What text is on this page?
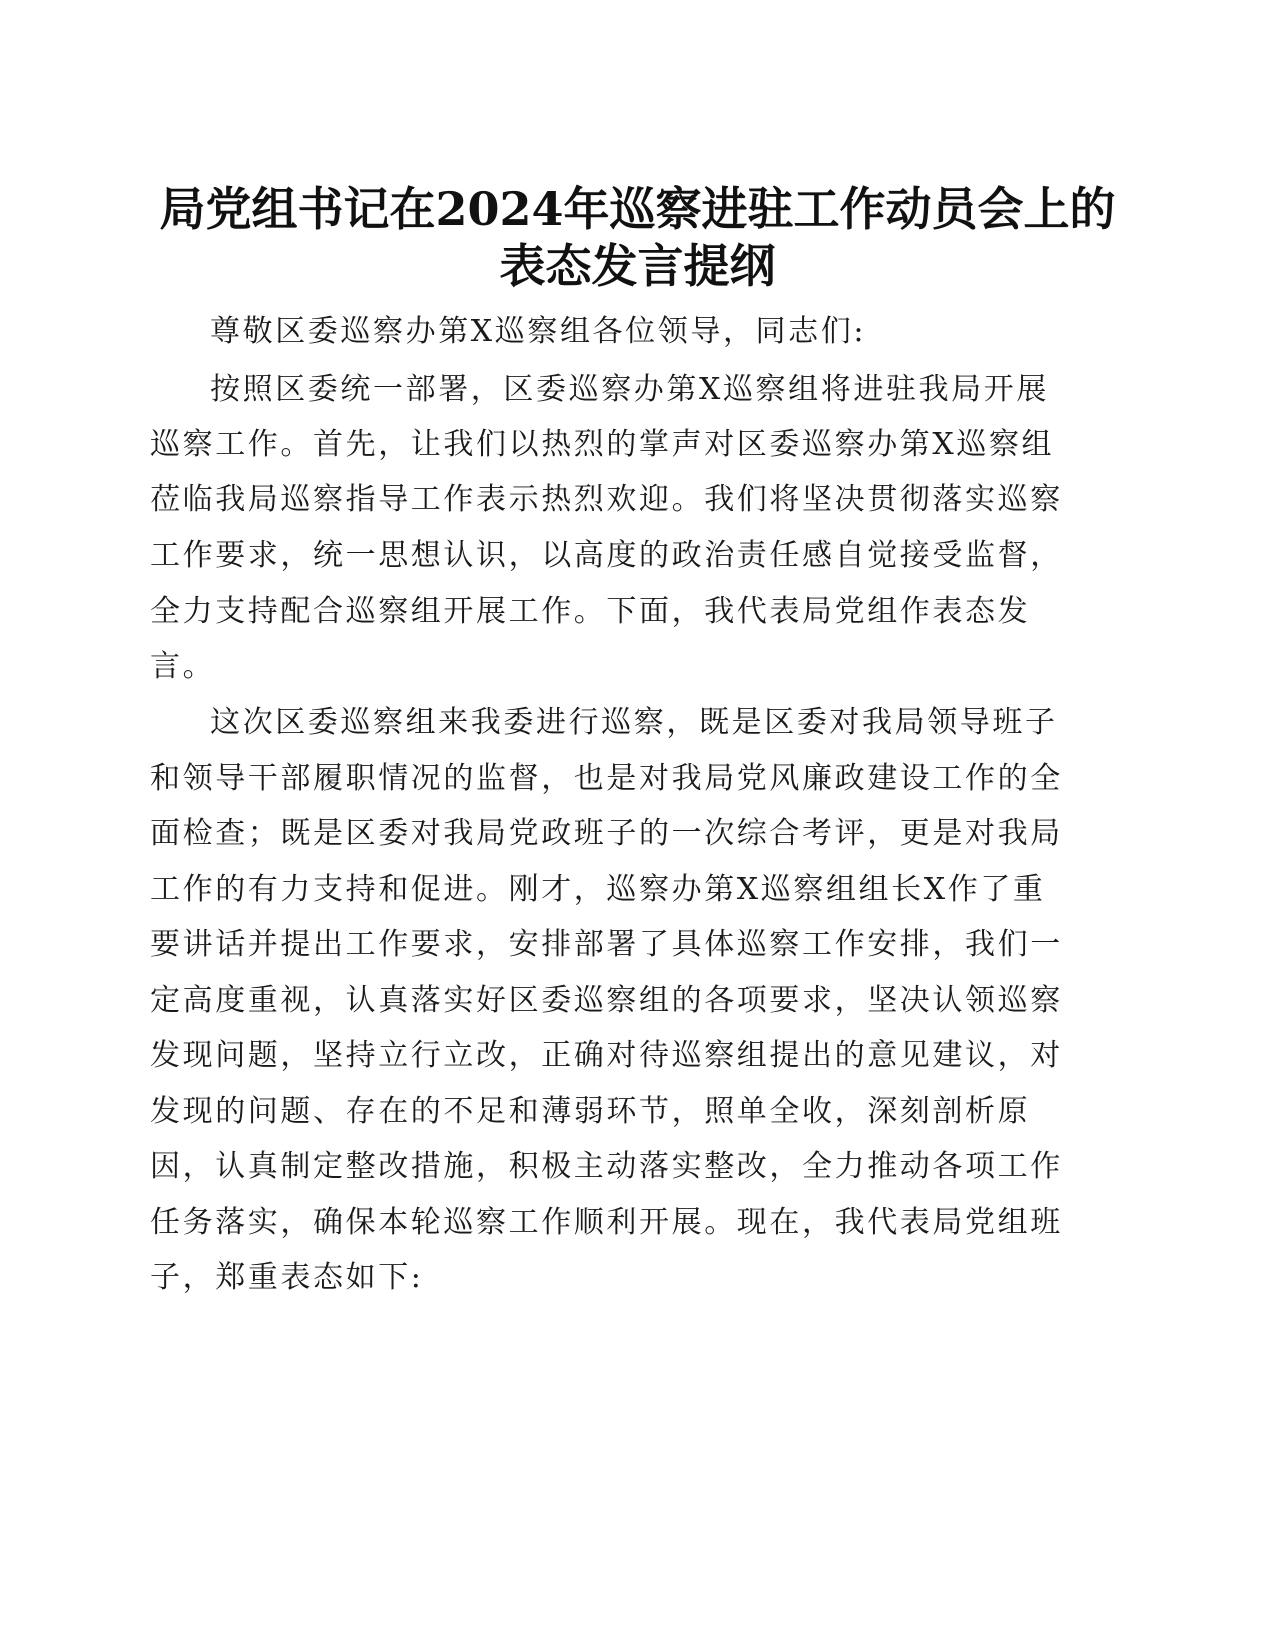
局党组书记在2024年巡察进驻工作动员会上的
表态发言提纲

尊敬区委巡察办第X巡察组各位领导，同志们:

按照区委统一部署，区委巡察办第X巡察组将进驻我局开展

巡察工作。首先，让我们以热烈的掌声对区委巡察办第X巡察组

莅临我局巡察指导工作表示热烈欢迎。我们将坚决贯彻落实巡察

工作要求，统一思想认识，以高度的政治责任感自觉接受监督，

全力支持配合巡察组开展工作。下面，我代表局党组作表态发

言。

这次区委巡察组来我委进行巡察，既是区委对我局领导班子

和领导干部履职情况的监督，也是对我局党风廉政建设工作的全

面检查；既是区委对我局党政班子的一次综合考评，更是对我局

工作的有力支持和促进。刚才，巡察办第X巡察组组长X作了重

要讲话并提出工作要求，安排部署了具体巡察工作安排，我们一

定高度重视，认真落实好区委巡察组的各项要求，坚决认领巡察

发现问题，坚持立行立改，正确对待巡察组提出的意见建议，对

发现的问题、存在的不足和薄弱环节，照单全收，深刻剖析原

因，认真制定整改措施，积极主动落实整改，全力推动各项工作

任务落实，确保本轮巡察工作顺利开展。现在，我代表局党组班

子，郑重表态如下:
